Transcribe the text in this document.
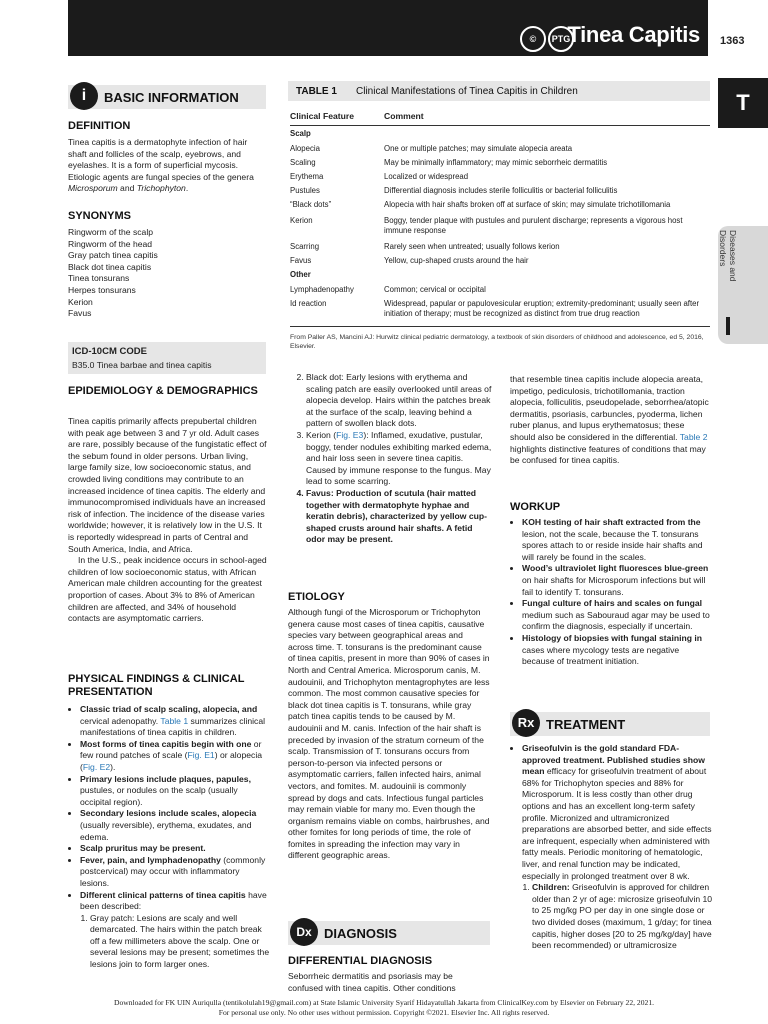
©	PTG
Tinea Capitis 1363
T
Diseases and Disorders
i	BASIC INFORMATION
DEFINITION
Tinea capitis is a dermatophyte infection of hair shaft and follicles of the scalp, eyebrows, and eyelashes. It is a form of superficial mycosis. Etiologic agents are fungal species of the genera Microsporum and Trichophyton.
SYNONYMS
Ringworm of the scalp
Ringworm of the head
Gray patch tinea capitis
Black dot tinea capitis
Tinea tonsurans
Herpes tonsurans
Kerion
Favus
ICD-10CM CODE
B35.0 Tinea barbae and tinea capitis
EPIDEMIOLOGY & DEMOGRAPHICS

Tinea capitis primarily affects prepubertal children with peak age between 3 and 7 yr old. Adult cases are rare, possibly because of the fungistatic effect of the sebum found in older persons. Urban living, large family size, low socioeconomic status, and crowded living conditions may contribute to an increased incidence of tinea capitis. The elderly and immunocompromised individuals have an increased risk of infection. The incidence of the disease varies worldwide; however, it is relatively low in the U.S. It is reportedly widespread in parts of Central and South America, India, and Africa.

In the U.S., peak incidence occurs in school-aged children of low socioeconomic status, with African American male children accounting for the greatest proportion of cases. About 3% to 8% of American children are affected, and 34% of household contacts are asymptomatic carriers.

PHYSICAL FINDINGS & CLINICAL PRESENTATION
• Classic triad of scalp scaling, alopecia, and cervical adenopathy. Table 1 summarizes clinical manifestations of tinea capitis in children.
• Most forms of tinea capitis begin with one or few round patches of scale (Fig. E1) or alopecia (Fig. E2).
• Primary lesions include plaques, papules, pustules, or nodules on the scalp (usually occipital region).
• Secondary lesions include scales, alopecia (usually reversible), erythema, exudates, and edema.
• Scalp pruritus may be present.
• Fever, pain, and lymphadenopathy (commonly postcervical) may occur with inflammatory lesions.
• Different clinical patterns of tinea capitis have been described:
1. Gray patch: Lesions are scaly and well demarcated. The hairs within the patch break off a few millimeters above the scalp. One or several lesions may be present; sometimes the lesions join to form larger ones.
TABLE 1 Clinical Manifestations of Tinea Capitis in Children
Clinical Feature	Comment
Scalp
Alopecia	One or multiple patches; may simulate alopecia areata
Scaling	May be minimally inflammatory; may mimic seborrheic dermatitis
Erythema	Localized or widespread
Pustules	Differential diagnosis includes sterile folliculitis or bacterial folliculitis
“Black dots”	Alopecia with hair shafts broken off at surface of skin; may simulate trichotillomania
Kerion	Boggy, tender plaque with pustules and purulent discharge; represents a vigorous host immune response
Scarring	Rarely seen when untreated; usually follows kerion
Favus	Yellow, cup-shaped crusts around the hair
Other
Lymphadenopathy	Common; cervical or occipital
Id reaction	Widespread, papular or papulovesicular eruption; extremity-predominant; usually seen after initiation of therapy; must be recognized as distinct from true drug reaction
From Paller AS, Mancini AJ: Hurwitz clinical pediatric dermatology, a textbook of skin disorders of childhood and adolescence, ed 5, 2016, Elsevier.
2. Black dot: Early lesions with erythema and scaling patch are easily overlooked until areas of alopecia develop. Hairs within the patches break at the surface of the scalp, leaving behind a pattern of swollen black dots.
3. Kerion (Fig. E3): Inflamed, exudative, pustular, boggy, tender nodules exhibiting marked edema, and hair loss seen in severe tinea capitis. Caused by immune response to the fungus. May lead to some scarring.
4. Favus: Production of scutula (hair matted together with dermatophyte hyphae and keratin debris), characterized by yellow cup-shaped crusts around hair shafts. A fetid odor may be present.
ETIOLOGY
Although fungi of the Microsporum or Trichophyton genera cause most cases of tinea capitis, causative species vary between geographical areas and across time. T. tonsurans is the predominant cause of tinea capitis, present in more than 90% of cases in North and Central America. Microsporum canis, M. audouinii, and Trichophyton mentagrophytes are less common. The most common causative species for black dot tinea capitis is T. tonsurans, while gray patch tinea capitis tends to be caused by M. audouinii and M. canis. Infection of the hair shaft is preceded by invasion of the stratum corneum of the scalp. Transmission of T. tonsurans occurs from person-to-person via infected persons or asymptomatic carriers, fallen infected hairs, animal vectors, and fomites. M. audouinii is commonly spread by dogs and cats. Infectious fungal particles may remain viable for many mo. Even though the organism remains viable on combs, hairbrushes, and other fomites for long periods of time, the role of fomites in spreading the infection may vary in different geographic areas.
Dx DIAGNOSIS
DIFFERENTIAL DIAGNOSIS
Seborrheic dermatitis and psoriasis may be confused with tinea capitis. Other conditions
that resemble tinea capitis include alopecia areata, impetigo, pediculosis, trichotillomania, traction alopecia, folliculitis, pseudopelade, seborrhea/atopic dermatitis, psoriasis, carbuncles, pyoderma, lichen ruber planus, and lupus erythematosus; these should also be considered in the differential. Table 2 highlights distinctive features of conditions that may be confused for tinea capitis.
WORKUP
• KOH testing of hair shaft extracted from the lesion, not the scale, because the T. tonsurans spores attach to or reside inside hair shafts and will rarely be found in the scales.
• Wood’s ultraviolet light fluoresces blue-green on hair shafts for Microsporum infections but will fail to identify T. tonsurans.
• Fungal culture of hairs and scales on fungal medium such as Sabouraud agar may be used to confirm the diagnosis, especially if uncertain.
• Histology of biopsies with fungal staining in cases where mycology tests are negative because of treatment initiation.
Rx TREATMENT
• Griseofulvin is the gold standard FDA-approved treatment. Published studies show mean efficacy for griseofulvin treatment of about 68% for Trichophyton species and 88% for Microsporum. It is less costly than other drug options and has an excellent long-term safety profile. Micronized and ultramicronized preparations are absorbed better, and side effects are infrequent, especially when administered with fatty meals. Periodic monitoring of hematologic, liver, and renal function may be indicated, especially in prolonged treatment over 8 wk.
1. Children: Griseofulvin is approved for children older than 2 yr of age: microsize griseofulvin 10 to 25 mg/kg PO per day in one single dose or two divided doses (maximum, 1 g/day; for tinea capitis, higher doses [20 to 25 mg/kg/day] have been recommended) or ultramicrosize
Downloaded for FK UIN Auriqulla (tentikolulah19@gmail.com) at State Islamic University Syarif Hidayatullah Jakarta from ClinicalKey.com by Elsevier on February 22, 2021.
For personal use only. No other uses without permission. Copyright ©2021. Elsevier Inc. All rights reserved.
